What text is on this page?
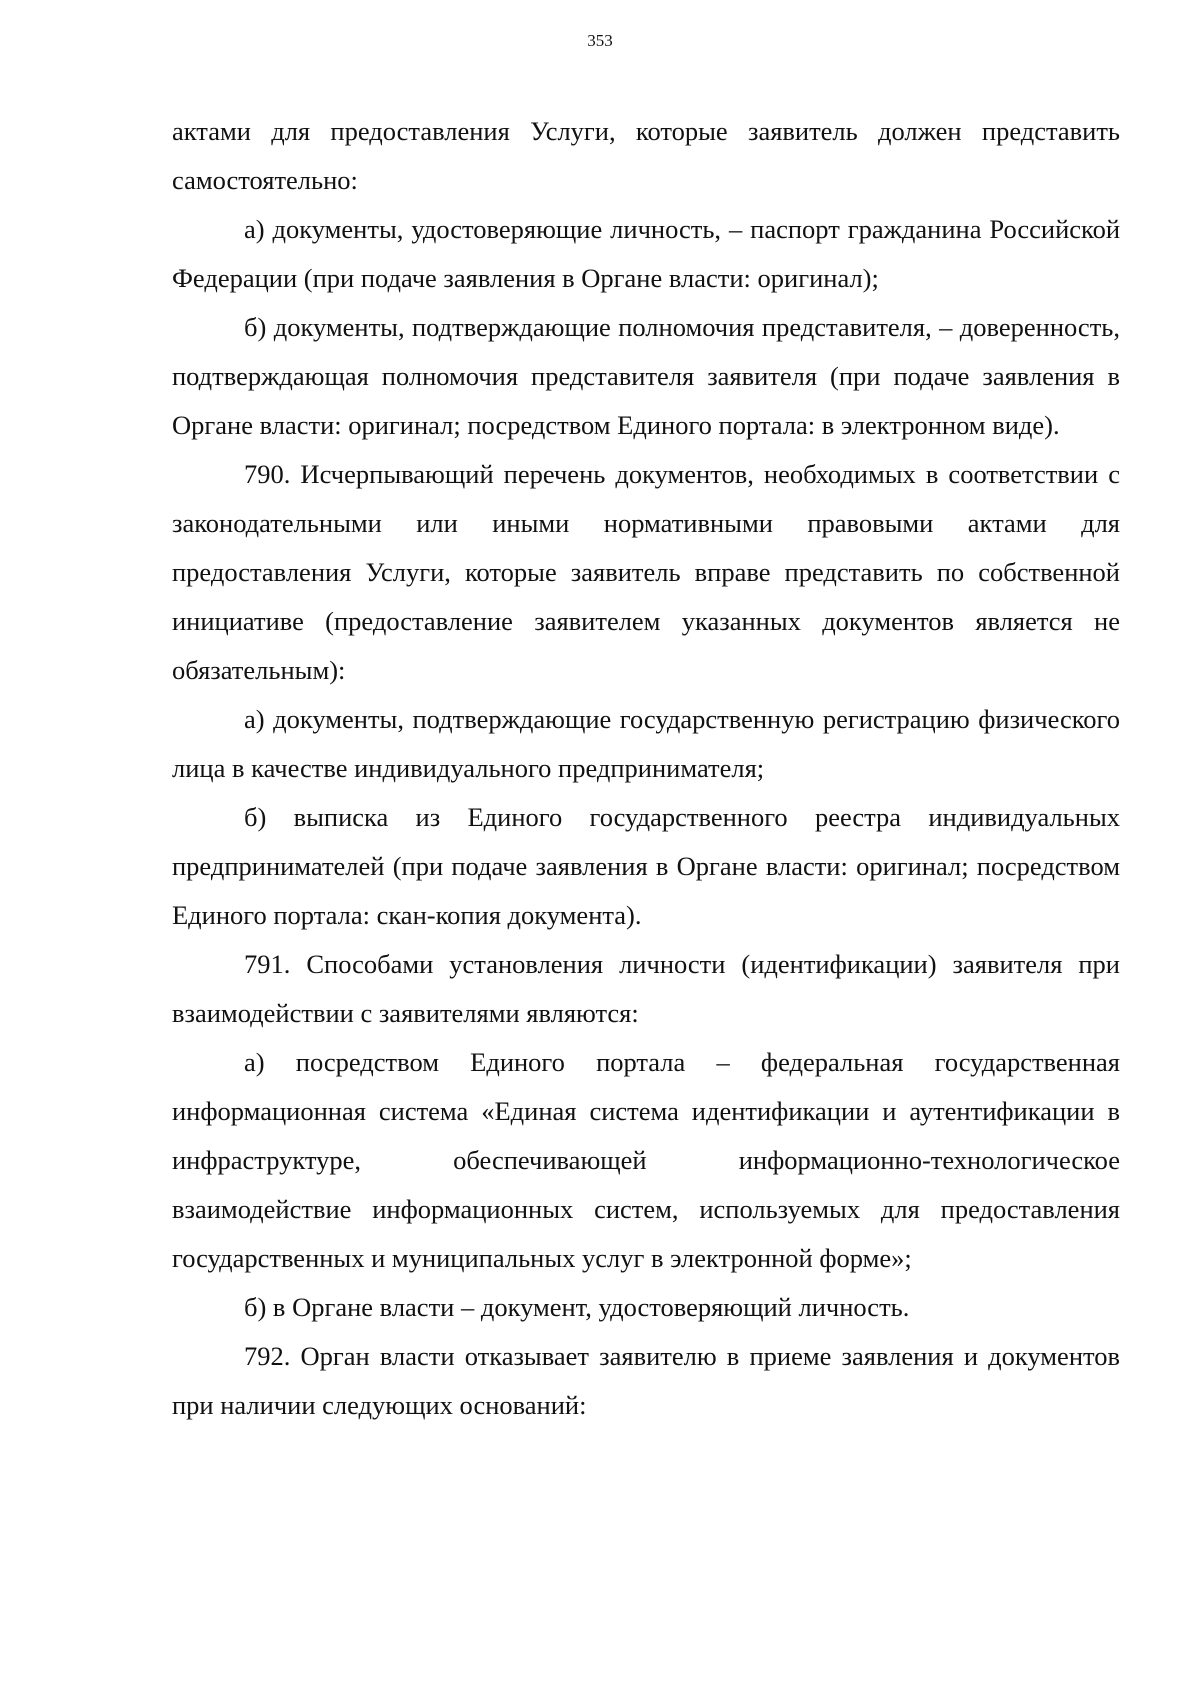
353

актами для предоставления Услуги, которые заявитель должен представить самостоятельно:

а) документы, удостоверяющие личность, – паспорт гражданина Российской Федерации (при подаче заявления в Органе власти: оригинал);

б) документы, подтверждающие полномочия представителя, – доверенность, подтверждающая полномочия представителя заявителя (при подаче заявления в Органе власти: оригинал; посредством Единого портала: в электронном виде).

790. Исчерпывающий перечень документов, необходимых в соответствии с законодательными или иными нормативными правовыми актами для предоставления Услуги, которые заявитель вправе представить по собственной инициативе (предоставление заявителем указанных документов является не обязательным):

а) документы, подтверждающие государственную регистрацию физического лица в качестве индивидуального предпринимателя;

б) выписка из Единого государственного реестра индивидуальных предпринимателей (при подаче заявления в Органе власти: оригинал; посредством Единого портала: скан-копия документа).

791. Способами установления личности (идентификации) заявителя при взаимодействии с заявителями являются:

а) посредством Единого портала – федеральная государственная информационная система «Единая система идентификации и аутентификации в инфраструктуре, обеспечивающей информационно-технологическое взаимодействие информационных систем, используемых для предоставления государственных и муниципальных услуг в электронной форме»;

б) в Органе власти – документ, удостоверяющий личность.

792. Орган власти отказывает заявителю в приеме заявления и документов при наличии следующих оснований:
